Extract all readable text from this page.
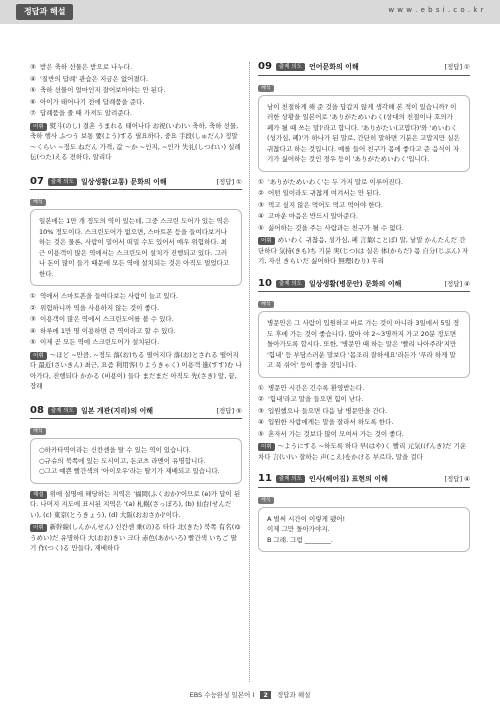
정답과 해설	w w w . e b s i . c o . k r
③ 받은 축하 선물은 받으로 나누다.
④ '질반의 답례' 관습은 지금은 없어졌다.
⑤ 축하 선물이 얼마인지 잘어보아야는 안 된다.
⑥ 아이가 태어나기 전에 답례품을 준다.
⑦ 답례품을 줄 때 가져도 알려준다.
어휘 熨斗(のし) 결혼 うまれる 태어나다 お祝(いわ)い 축하, 축하 선물, 축하 행사 ふつう 보통 要(よう)する 필요하다, 중요 手段(しゅだん) 정말 〜くらい ~정도 ねだん 가격, 값 〜か ~인지, ~인가 失礼(しつれい) 실례 伝(つた)える 전하다, 알리다
07	출제 의도	일상생활(교통) 문화의 이해	[정답] ①
해석
일본에는 1만 개 정도의 역이 있는데, 그중 스크린 도어가 있는 역은 10% 정도이다. 스크린도어가 없으면, 스마트폰 등을 들여다보거나 하는 것은 물론, 사람이 밀어서 떠밀 수도 있어서 매우 위험하다. 최근 이용객이 많은 역에서는 스크린도어 설치가 진행되고 있다. 그러나 돈이 많이 들기 때문에 모든 역에 설치되는 것은 아직도 멀었다고 한다.
① 역에서 스마트폰을 들여다보는 사람이 늘고 있다.
② 위험하니까 역을 사용하지 않는 것이 좋다.
③ 이용객이 많은 역에서 스크린도어를 볼 수 있다.
④ 하루에 1만 명 이용하면 큰 역이라고 할 수 있다.
⑤ 이제 곧 모든 역에 스크린도어가 설치된다.
어휘 〜ほど ~만큼, ~정도 落(お)ちる 떨어지다 落(お)とされる 떨어지다 最近(さいきん) 최근, 요즘 利用客(りようきゃく) 이용객 進(すす)む 나아가다, 진행되다 かかる (비용이) 들다 まだまだ 아직도 先(さき) 앞, 끝, 장래
08	출제 의도	일본 개관(지리)의 이해	[정답] ⑤
해석
○하카타역이라는 신칸센을 탈 수 있는 역이 있습니다.
○규슈의 북쪽에 있는 도시이고, 돈코츠 라멘이 유명합니다.
○그고 예쁜 빨간색의 '아이오우'라는 딸기가 재배되고 있습니다.
해설 위에 설명에 해당하는 지역은 '福岡(ふくおか)'이므로 (e)가 답이 된다. 나머지 지도에 표시된 지역은 '(a) 札幌(さっぽろ), (b) 仙台(せんだい), (c) 東京(とうきょう), (d) 大阪(おおさか)'이다.
어휘 新幹線(しんかんせん) 신칸센 乗(の)る 타다 北(きた) 북쪽 有名(ゆうめい)だ 유명하다 大(おお)きい 크다 赤色(あかいろ) 빨간색 いちご 딸기 作(つく)る 만들다, 재배하다
09	출제 의도	언어문화의 이해	[정답] ①
해석
남이 친절하게 해 준 것을 답갑지 않게 생각해 본 적이 있습니까? 이러한 상황을 일본어로 'ありがためいわく(상대의 친절이나 호의가 폐가 될 때 쓰는 말)'라고 합니다. 'ありがたい(고맙다)'와 'めいわく(성가심, 폐)'가 하나가 된 말로, 간단히 말하면 기분은 고맙지만 실은 귀찮다고 하는 것입니다. 예를 들어 친구가 몸에 좋다고 준 음식이 자기가 싫어하는 것인 경우 등이 'ありがためいわく'입니다.
① 'ありがためいわく'는 두 가지 말로 이루어진다.
② 어떤 일이라도 귀찮게 여겨서는 안 된다.
③ 먹고 싶지 않은 먹어도 먹고 먹어야 한다.
④ 고마운 마음은 반드시 알아준다.
⑤ 싫어하는 것을 주는 사람과는 친구가 될 수 없다.
어휘 めいわく 귀찮음, 성가심, 폐 言葉(ことば) 말, 낱말 かんたんだ 간단하다 気持(きも)ち 기분 実(じつ)は 실은 体(からだ) 몸 自分(じぶん) 자기, 자신 きらいだ 싫어하다 無理(むり) 무리
10	출제 의도	일상생활(병문안) 문화의 이해	[정답] ④
해석
병문안은 그 사람이 입원하고 바로 가는 것이 아니라 3일에서 5일 정도 후에 가는 것이 좋습니다. 많아 야 2~3명까지 가고 20분 정도면 돌아가도록 합시다. 또한, '병문안 때 하는 말은 '빨리 나아주라'지만 '힘내' 등 부담스러운 말보다 '몸조리 잘하세요'라든가 '푸라 하게 말고 푹 쉬어' 등이 좋을 것입니다.
① 병문안 시간은 긴수록 환영받는다.
② '힘내'라고 말을 들으면 힘이 난다.
③ 입원했으나 들으면 다음 날 병문안을 간다.
④ 입원한 사람에게는 말을 잘라서 하도록 한다.
⑤ 혼자서 가는 것보다 많이 모여서 가는 것이 좋다.
어휘 〜ようにする ~하도록 하다 早(はや)く 빨리 元気(げんき)だ 기운차다 言(い)い 잘하는 声(こえ)をかける 부르다, 말을 걸다
11	출제 의도	인사(헤어짐) 표현의 이해	[정답] ④
해석
A 벌써 시간이 이렇게 됐어!
이제 그만 돌아가야지.
B 그래. 그럼 ________.
EBS 수능완성 일본어 I 2 정답과 해설
